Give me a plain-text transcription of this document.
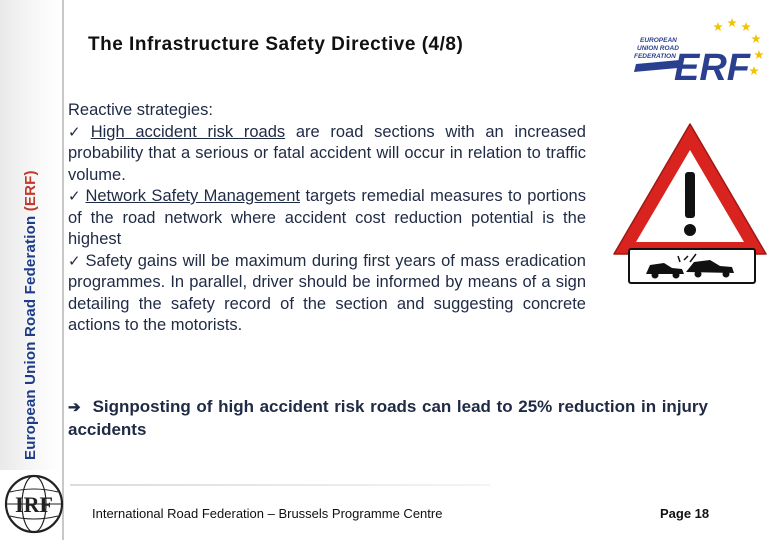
European Union Road Federation (ERF)
The Infrastructure Safety Directive (4/8)	EUROPEAN
UNION ROAD
FEDERATION
ERF

Reactive strategies:

✓ High accident risk roads are road sections with an increased probability that a serious or fatal accident will occur in relation to traffic volume.

✓ Network Safety Management targets remedial measures to portions of the road network where accident cost reduction potential is the highest

✓ Safety gains will be maximum during first years of mass eradication programmes. In parallel, driver should be informed by means of a sign detailing the safety record of the section and suggesting concrete actions to the motorists.

➔ Signposting of high accident risk roads can lead to 25% reduction in injury accidents
IRF	International Road Federation – Brussels Programme Centre	Page 18
